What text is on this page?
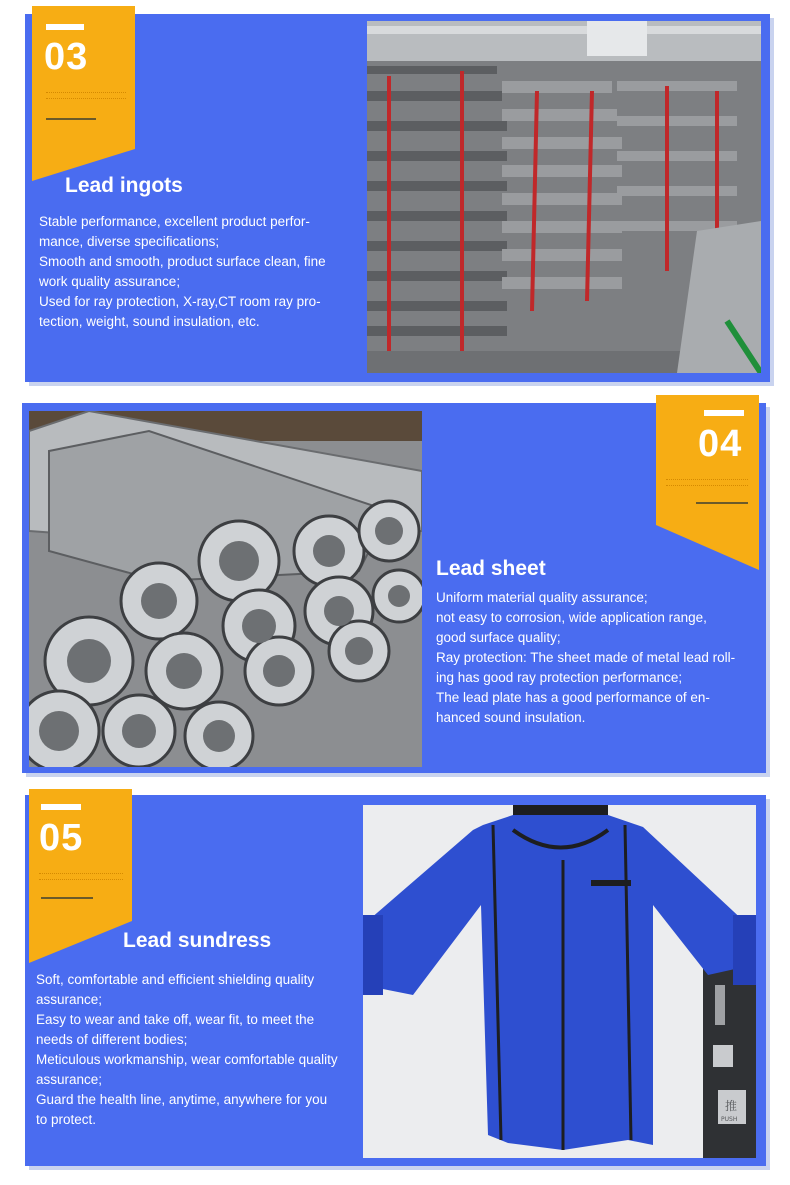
03
Lead ingots

Stable performance, excellent product perfor-

mance, diverse specifications;

Smooth and smooth, product surface clean, fine

work quality assurance;

Used for ray protection, X-ray,CT room ray pro-

tection, weight, sound insulation, etc.

04
Lead sheet

Uniform material quality assurance;

not easy to corrosion, wide application range,

good surface quality;

Ray protection: The sheet made of metal lead roll-

ing has good ray protection performance;

The lead plate has a good performance of en-

hanced sound insulation.

推
PUSH
05
Lead sundress

Soft, comfortable and efficient shielding quality

assurance;

Easy to wear and take off, wear fit, to meet the

needs of different bodies;

Meticulous workmanship, wear comfortable quality

assurance;

Guard the health line, anytime, anywhere for you

to protect.
